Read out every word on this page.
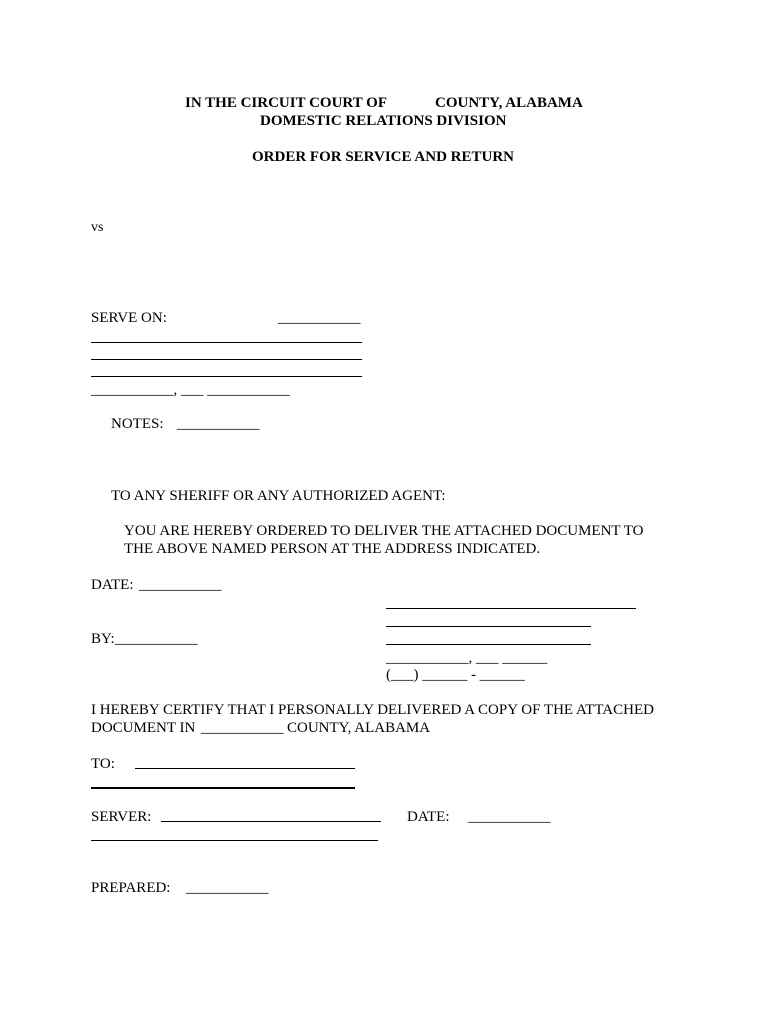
IN THE CIRCUIT COURT OF	COUNTY, ALABAMA
DOMESTIC RELATIONS DIVISION
ORDER FOR SERVICE AND RETURN
vs
SERVE ON:	___________
___________, ___ ___________
NOTES: ___________
TO ANY SHERIFF OR ANY AUTHORIZED AGENT:
YOU ARE HEREBY ORDERED TO DELIVER THE ATTACHED DOCUMENT TO
THE ABOVE NAMED PERSON AT THE ADDRESS INDICATED.
DATE: ___________
BY: ___________
___________, ___ ______
(___) ______ - ______
I HEREBY CERTIFY THAT I PERSONALLY DELIVERED A COPY OF THE ATTACHED
DOCUMENT IN ___________ COUNTY, ALABAMA
TO:
SERVER:	DATE: ___________
PREPARED: ___________
